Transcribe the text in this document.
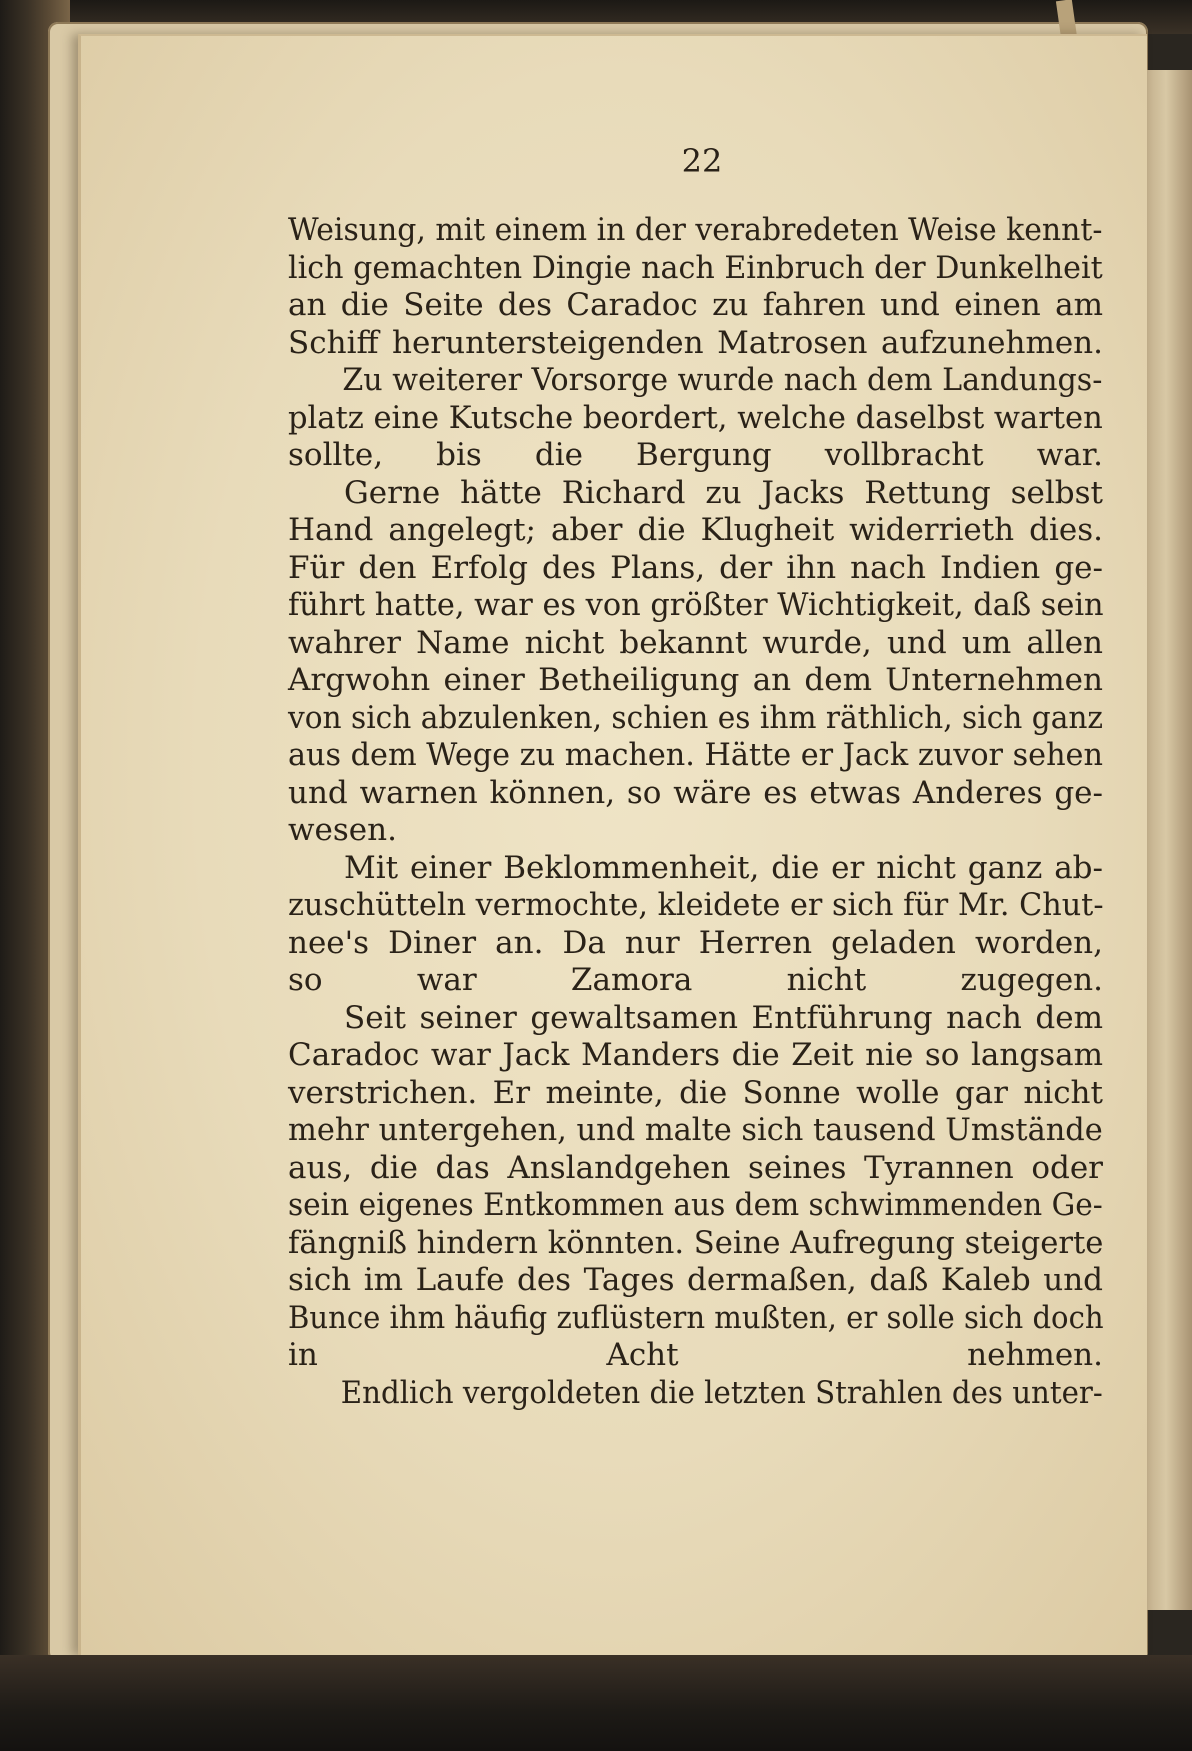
22

Weisung, mit einem in der verabredeten Weise kennt-
lich gemachten Dingie nach Einbruch der Dunkelheit
an die Seite des Caradoc zu fahren und einen am
Schiff heruntersteigenden Matrosen aufzunehmen.

Zu weiterer Vorsorge wurde nach dem Landungs-
platz eine Kutsche beordert, welche daselbst warten
sollte, bis die Bergung vollbracht war.

Gerne hätte Richard zu Jacks Rettung selbst
Hand angelegt; aber die Klugheit widerrieth dies.
Für den Erfolg des Plans, der ihn nach Indien ge-
führt hatte, war es von größter Wichtigkeit, daß sein
wahrer Name nicht bekannt wurde, und um allen
Argwohn einer Betheiligung an dem Unternehmen
von sich abzulenken, schien es ihm räthlich, sich ganz
aus dem Wege zu machen. Hätte er Jack zuvor sehen
und warnen können, so wäre es etwas Anderes ge-
wesen.

Mit einer Beklommenheit, die er nicht ganz ab-
zuschütteln vermochte, kleidete er sich für Mr. Chut-
nee's Diner an. Da nur Herren geladen worden,
so war Zamora nicht zugegen.

Seit seiner gewaltsamen Entführung nach dem
Caradoc war Jack Manders die Zeit nie so langsam
verstrichen. Er meinte, die Sonne wolle gar nicht
mehr untergehen, und malte sich tausend Umstände
aus, die das Anslandgehen seines Tyrannen oder
sein eigenes Entkommen aus dem schwimmenden Ge-
fängniß hindern könnten. Seine Aufregung steigerte
sich im Laufe des Tages dermaßen, daß Kaleb und
Bunce ihm häufig zuflüstern mußten, er solle sich doch
in Acht nehmen.

Endlich vergoldeten die letzten Strahlen des unter-
